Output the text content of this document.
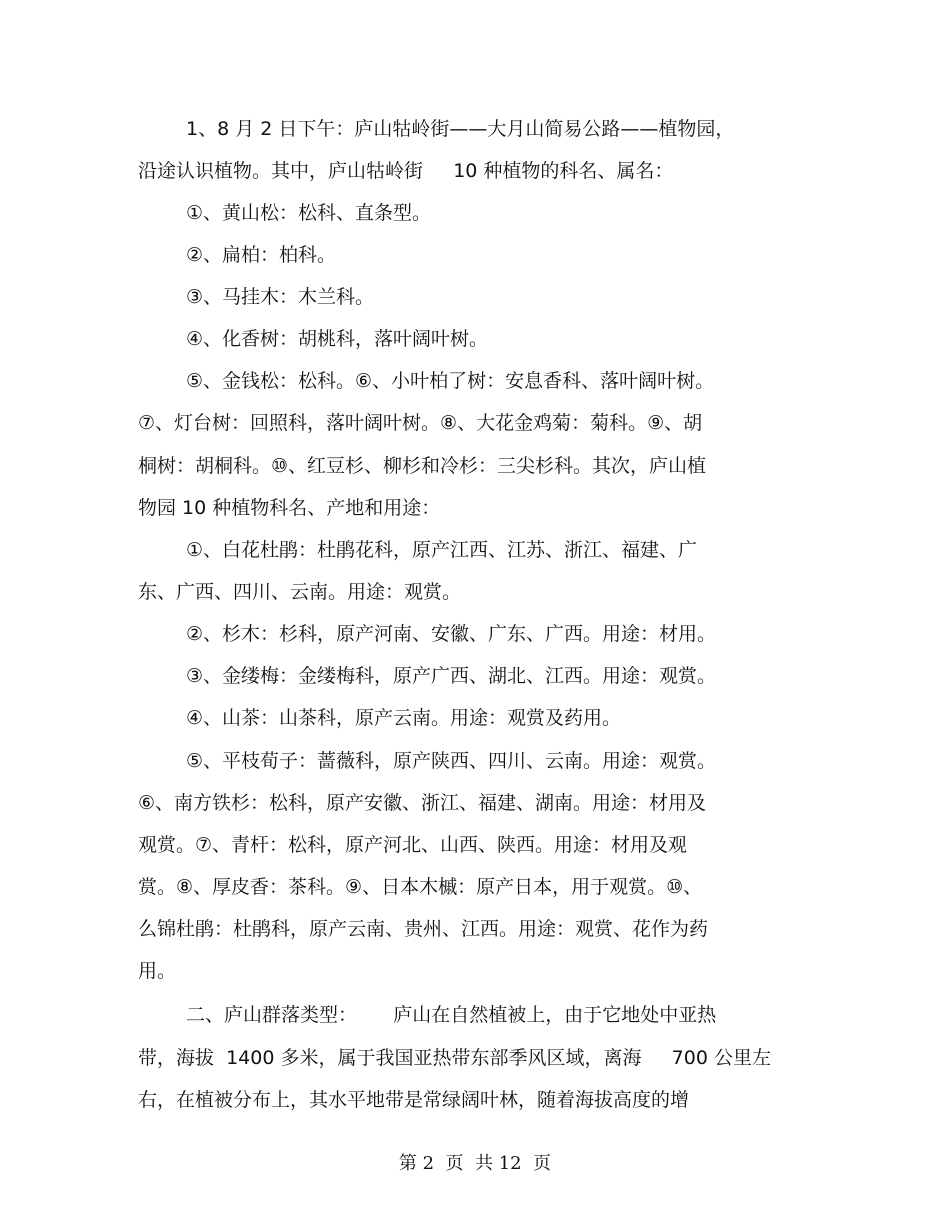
1、8 月 2 日下午：庐山牯岭街——大月山简易公路——植物园，
沿途认识植物。其中，庐山牯岭街     10 种植物的科名、属名：
①、黄山松：松科、直条型。
②、扁柏：柏科。
③、马挂木：木兰科。
④、化香树：胡桃科，落叶阔叶树。
⑤、金钱松：松科。⑥、小叶柏了树：安息香科、落叶阔叶树。
⑦、灯台树：回照科，落叶阔叶树。⑧、大花金鸡菊：菊科。⑨、胡
桐树：胡桐科。⑩、红豆杉、柳杉和冷杉：三尖杉科。其次，庐山植
物园 10 种植物科名、产地和用途：
①、白花杜鹃：杜鹃花科，原产江西、江苏、浙江、福建、广
东、广西、四川、云南。用途：观赏。
②、杉木：杉科，原产河南、安徽、广东、广西。用途：材用。
③、金缕梅：金缕梅科，原产广西、湖北、江西。用途：观赏。
④、山茶：山茶科，原产云南。用途：观赏及药用。
⑤、平枝荀子：蔷薇科，原产陕西、四川、云南。用途：观赏。
⑥、南方铁杉：松科，原产安徽、浙江、福建、湖南。用途：材用及
观赏。⑦、青杆：松科，原产河北、山西、陕西。用途：材用及观
赏。⑧、厚皮香：茶科。⑨、日本木槭：原产日本，用于观赏。⑩、
么锦杜鹃：杜鹃科，原产云南、贵州、江西。用途：观赏、花作为药
用。
二、庐山群落类型：      庐山在自然植被上，由于它地处中亚热
带，海拔  1400 多米，属于我国亚热带东部季风区域，离海     700 公里左
右，在植被分布上，其水平地带是常绿阔叶林，随着海拔高度的增
第 2  页  共 12  页
